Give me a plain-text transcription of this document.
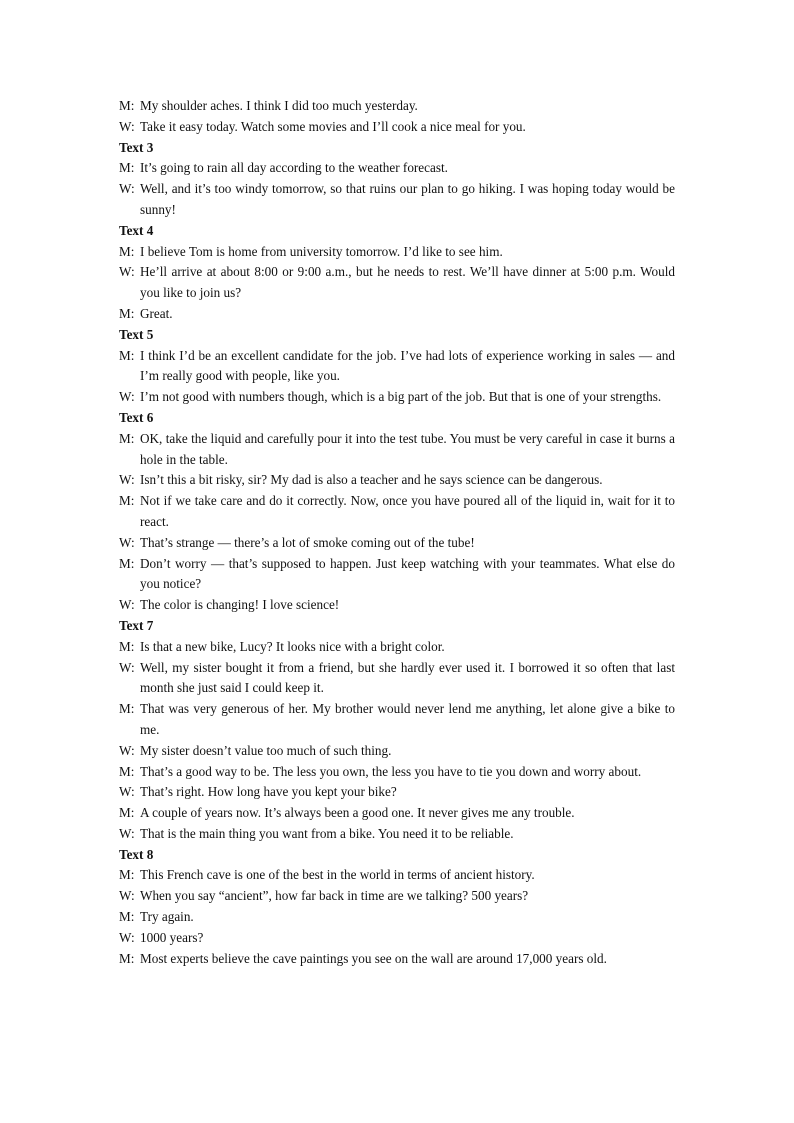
M: My shoulder aches. I think I did too much yesterday.
W: Take it easy today. Watch some movies and I’ll cook a nice meal for you.
Text 3
M: It’s going to rain all day according to the weather forecast.
W: Well, and it’s too windy tomorrow, so that ruins our plan to go hiking. I was hoping today would be sunny!
Text 4
M: I believe Tom is home from university tomorrow. I’d like to see him.
W: He’ll arrive at about 8:00 or 9:00 a.m., but he needs to rest. We’ll have dinner at 5:00 p.m. Would you like to join us?
M: Great.
Text 5
M: I think I’d be an excellent candidate for the job. I’ve had lots of experience working in sales — and I’m really good with people, like you.
W: I’m not good with numbers though, which is a big part of the job. But that is one of your strengths.
Text 6
M: OK, take the liquid and carefully pour it into the test tube. You must be very careful in case it burns a hole in the table.
W: Isn’t this a bit risky, sir? My dad is also a teacher and he says science can be dangerous.
M: Not if we take care and do it correctly. Now, once you have poured all of the liquid in, wait for it to react.
W: That’s strange — there’s a lot of smoke coming out of the tube!
M: Don’t worry — that’s supposed to happen. Just keep watching with your teammates. What else do you notice?
W: The color is changing! I love science!
Text 7
M: Is that a new bike, Lucy? It looks nice with a bright color.
W: Well, my sister bought it from a friend, but she hardly ever used it. I borrowed it so often that last month she just said I could keep it.
M: That was very generous of her. My brother would never lend me anything, let alone give a bike to me.
W: My sister doesn’t value too much of such thing.
M: That’s a good way to be. The less you own, the less you have to tie you down and worry about.
W: That’s right. How long have you kept your bike?
M: A couple of years now. It’s always been a good one. It never gives me any trouble.
W: That is the main thing you want from a bike. You need it to be reliable.
Text 8
M: This French cave is one of the best in the world in terms of ancient history.
W: When you say “ancient”, how far back in time are we talking? 500 years?
M: Try again.
W: 1000 years?
M: Most experts believe the cave paintings you see on the wall are around 17,000 years old.
